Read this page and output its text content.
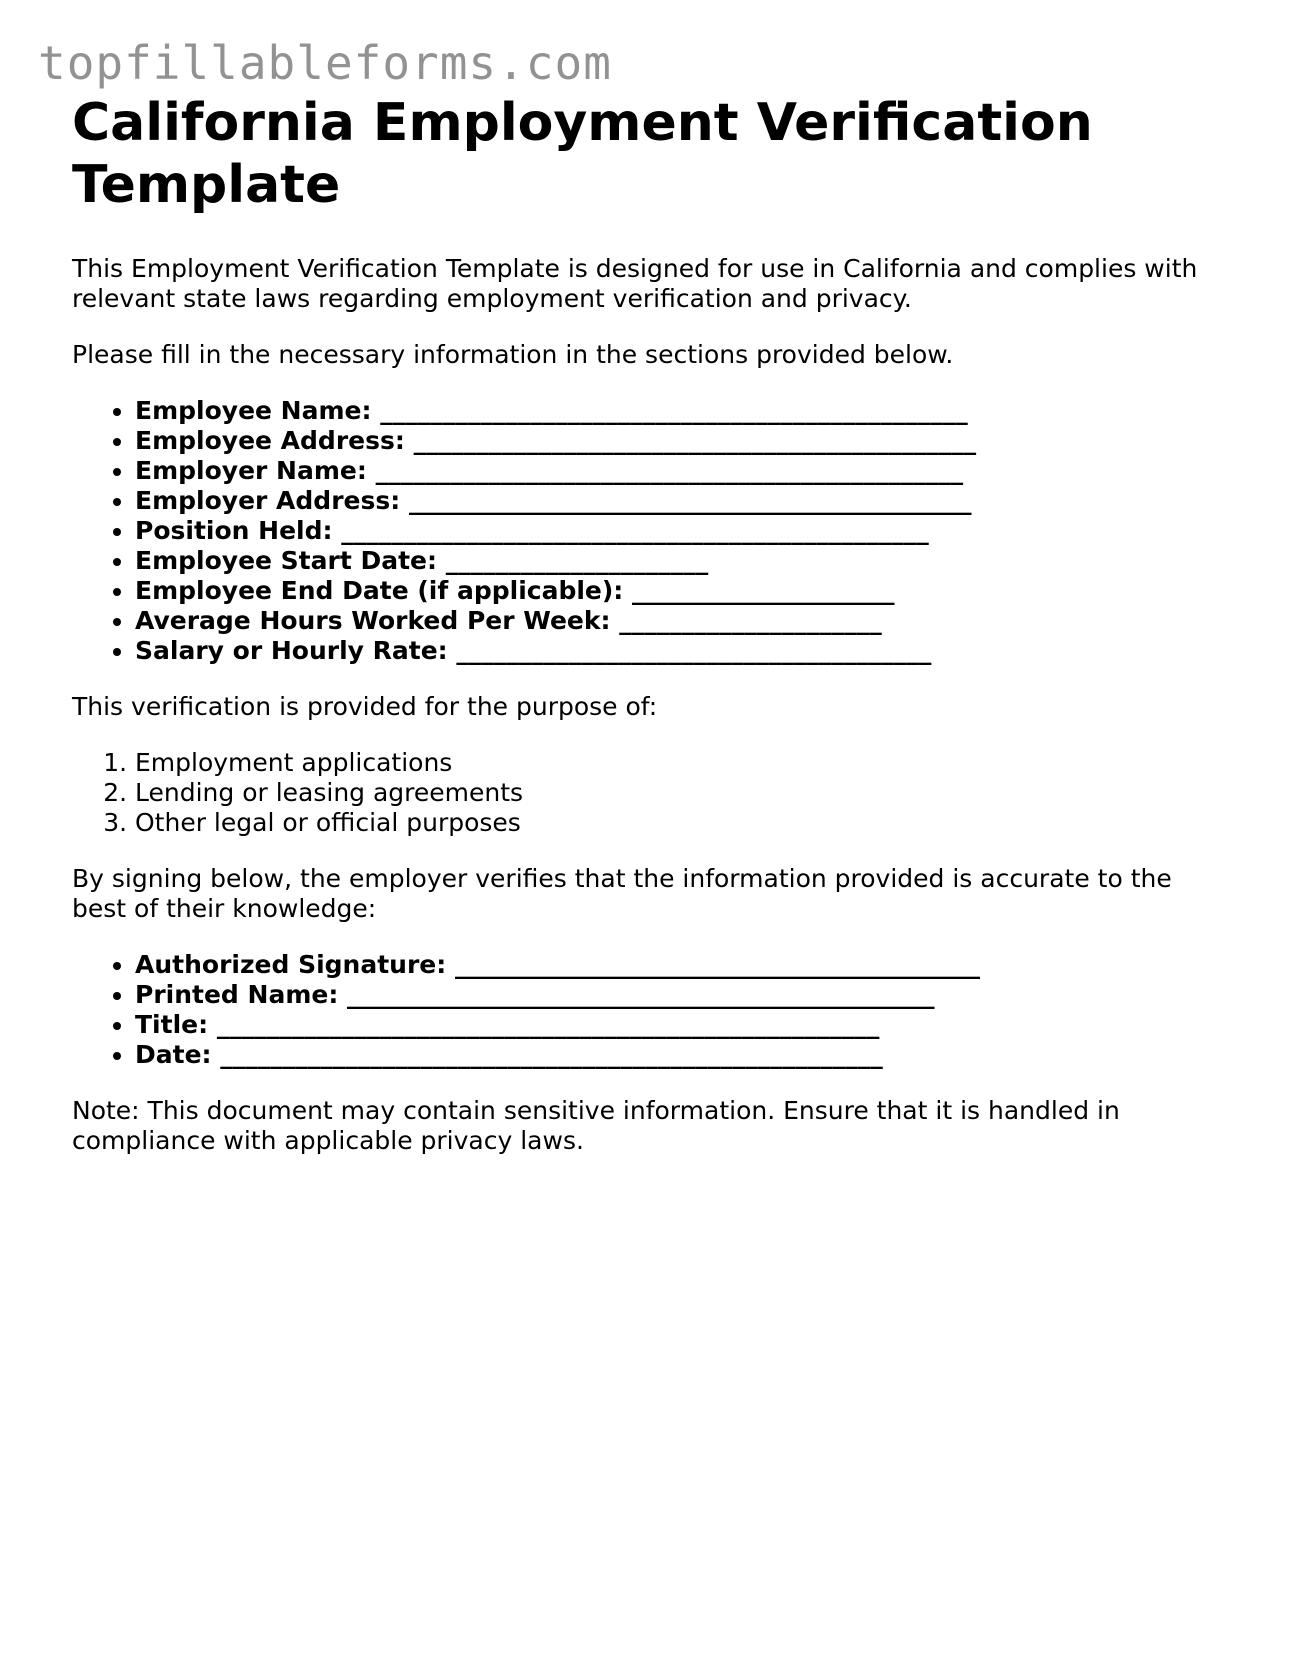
topfillableforms.com
California Employment Verification Template

This Employment Verification Template is designed for use in California and complies with relevant state laws regarding employment verification and privacy.

Please fill in the necessary information in the sections provided below.

• Employee Name: _______________________________________________
• Employee Address: _____________________________________________
• Employer Name: _______________________________________________
• Employer Address: _____________________________________________
• Position Held: _______________________________________________
• Employee Start Date: _____________________
• Employee End Date (if applicable): _____________________
• Average Hours Worked Per Week: _____________________
• Salary or Hourly Rate: ______________________________________

This verification is provided for the purpose of:

1. Employment applications
2. Lending or leasing agreements
3. Other legal or official purposes

By signing below, the employer verifies that the information provided is accurate to the best of their knowledge:

• Authorized Signature: __________________________________________
• Printed Name: _______________________________________________
• Title: _____________________________________________________
• Date: _____________________________________________________

Note: This document may contain sensitive information. Ensure that it is handled in compliance with applicable privacy laws.
